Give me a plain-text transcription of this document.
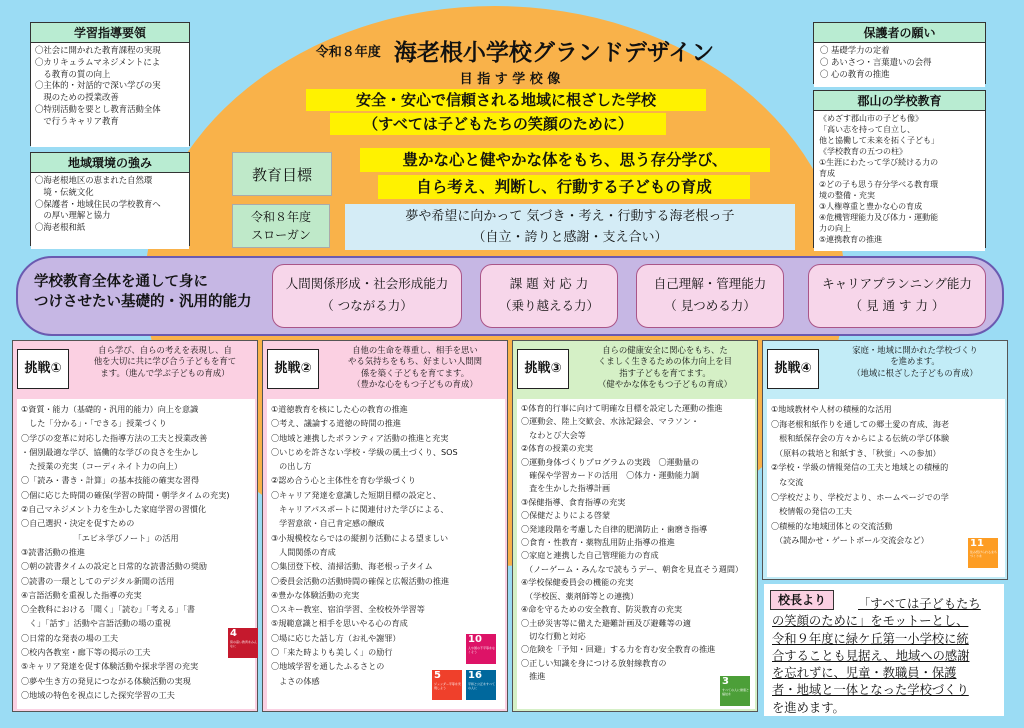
学習指導要領
〇社会に開かれた教育課程の実現
〇カリキュラムマネジメントによ
　る教育の質の向上
〇主体的・対話的で深い学びの実
　現のための授業改善
〇特別活動を要とし教育活動全体
　で行うキャリア教育
地域環境の強み
〇海老根地区の恵まれた自然環
　境・伝統文化
〇保護者・地域住民の学校教育へ
　の厚い理解と協力
〇海老根和紙
保護者の願い
〇 基礎学力の定着
〇 あいさつ・言葉遣いの会得
〇 心の教育の推進
郡山の学校教育
《めざす郡山市の子ども像》
「高い志を持って自立し、
他と協働して未来を拓く子ども」
《学校教育の五つの柱》
①生涯にわたって学び続ける力の
育成
②どの子も思う存分学べる教育環
境の整備・充実
③人権尊重と豊かな心の育成
④危機管理能力及び体力・運動能
力の向上
⑤連携教育の推進
令和８年度 海老根小学校グランドデザイン
目 指 す 学 校 像
安全・安心で信頼される地域に根ざした学校
（すべては子どもたちの笑顔のために）
教育目標
豊かな心と健やかな体をもち、思う存分学び、
自ら考え、判断し、行動する子どもの育成
令和８年度
スローガン
夢や希望に向かって 気づき・考え・行動する海老根っ子
（自立・誇りと感謝・支え合い）
学校教育全体を通して身に
つけさせたい基礎的・汎用的能力
人間関係形成・社会形成能力
（ つながる力）
課 題 対 応 力
（乗り越える力）
自己理解・管理能力
（ 見つめる力）
キャリアプランニング能力
（ 見 通 す 力 ）
挑戦①
自ら学び、自らの考えを表現し、自
他を大切に共に学び合う子どもを育て
ます。（進んで学ぶ子どもの育成）
①資質・能力（基礎的・汎用的能力）向上を意識
　した「分かる」・「できる」授業づくり
〇学びの変革に対応した指導方法の工夫と授業改善
・個別最適な学び、協働的な学びの良さを生かし
　た授業の充実（コーディネイト力の向上）
〇「読み・書き・計算」の基本技能の確実な習得
〇個に応じた時間の確保(学習の時間・朝学タイムの充実)
②自己マネジメント力を生かした家庭学習の習慣化
〇自己選択・決定を促すための
　　　　　　　「エビネ学びノート」の活用
③読書活動の推進
〇朝の読書タイムの設定と日常的な読書活動の奨励
〇読書の一環としてのデジタル新聞の活用
④言語活動を重視した指導の充実
〇全教科における「聞く」「読む」「考える」「書
　く」「話す」活動や言語活動の場の重視
〇日常的な発表の場の工夫
〇校内各教室・廊下等の掲示の工夫
⑤キャリア発達を促す体験活動や探求学習の充実
〇夢や生き方の発見につながる体験活動の実現
〇地域の特色を視点にした探究学習の工夫
挑戦②
自他の生命を尊重し、相手を思い
やる気持ちをもち、好ましい人間関
係を築く子どもを育てます。
（豊かな心をもつ子どもの育成）
①道徳教育を核にした心の教育の推進
〇考え、議論する道徳の時間の推進
〇地域と連携したボランティア活動の推進と充実
〇いじめを許さない学校・学級の風土づくり、SOS
　の出し方
②認め合う心と主体性を育む学級づくり
〇キャリア発達を意識した短期目標の設定と、
　キャリアパスポートに関連付けた学びによる、
　学習意欲・自己肯定感の醸成
③小規模校ならではの縦割り活動による望ましい
　人間関係の育成
〇集団登下校、清掃活動、海老根っ子タイム
〇委員会活動の活動時間の確保と広報活動の推進
④豊かな体験活動の充実
〇スキー教室、宿泊学習、全校校外学習等
⑤規範意識と相手を思いやる心の育成
〇場に応じた話し方（お礼や謝罪）
〇「来た時よりも美しく」の励行
〇地域学習を通したふるさとの
　よさの体感
挑戦③
自らの健康安全に関心をもち、た
くましく生きるための体力向上を目
指す子どもを育てます。
（健やかな体をもつ子どもの育成）
①体育的行事に向けて明確な目標を設定した運動の推進
〇運動会、陸上交歓会、水泳記録会、マラソン・
　なわとび大会等
②体育の授業の充実
〇運動身体づくりプログラムの実践　〇運動量の
　確保や学習カードの活用　〇体力・運動能力調
　査を生かした指導計画
③保健指導、食育指導の充実
〇保健だよりによる啓蒙
〇発達段階を考慮した自律的肥満防止・歯磨き指導
〇食育・性教育・薬物乱用防止指導の推進
〇家庭と連携した自己管理能力の育成
　（ノーゲーム・みんなで読もうデー、朝食を見直そう週間）
④学校保健委員会の機能の充実
　（学校医、薬剤師等との連携）
④命を守るための安全教育、防災教育の充実
〇土砂災害等に備えた避難計画及び避難等の適
　切な行動と対応
〇危険を「予知・回避」する力を育む安全教育の推進
〇正しい知識を身につける放射線教育の
　推進
挑戦④
家庭・地域に開かれた学校づくり
を進めます。
（地域に根ざした子どもの育成）
①地域教材や人材の積極的な活用
〇海老根和紙作りを通しての郷土愛の育成、海老
　根和紙保存会の方々からによる伝統の学び体験
　（原料の栽培と和紙すき、「秋蛍」への参加）
②学校・学級の情報発信の工夫と地域との積極的
　な交流
〇学校だより、学校だより、ホームページでの学
　校情報の発信の工夫
〇積極的な地域団体との交流活動
　（読み聞かせ・ゲートボール交流会など）
校長より	「すべては子どもたち
の笑顔のために」をモットーとし、
令和９年度に緑ケ丘第一小学校に統
合することも見据え、地域への感謝
を忘れずに、児童・教職員・保護
者・地域と一体となった学校づくり
を進めます。
4
質の高い教育をみんなに
10
人や国の不平等をなくそう
5
ジェンダー平等を実現しよう
16
平和と公正をすべての人に
3
すべての人に健康と福祉を
11
住み続けられるまちづくりを
